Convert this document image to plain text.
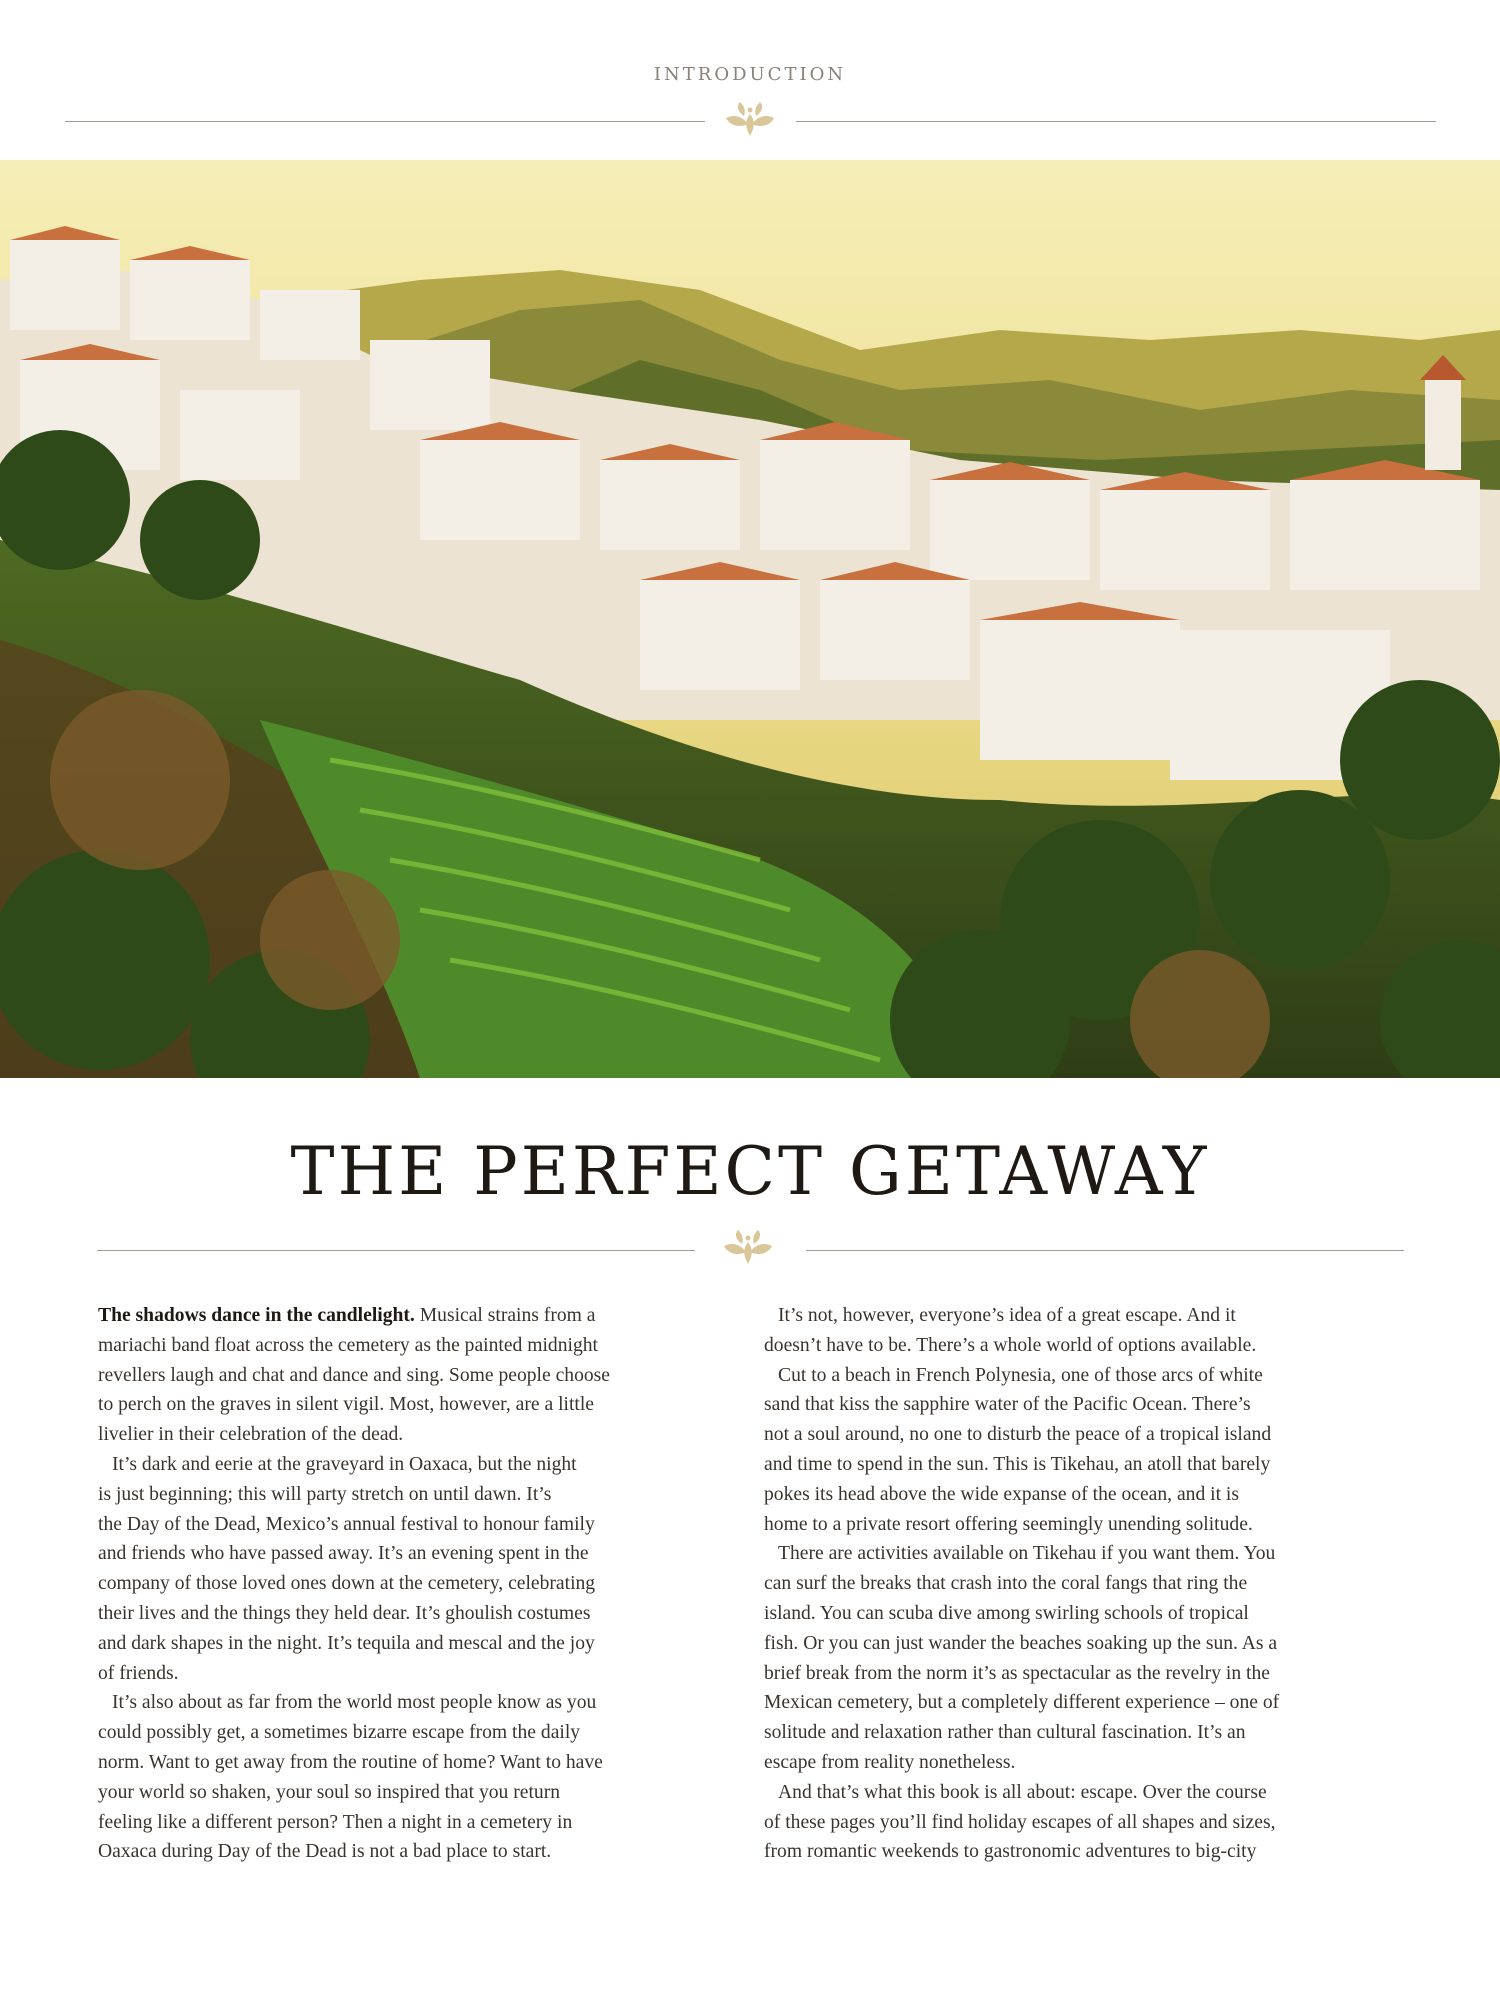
INTRODUCTION
THE PERFECT GETAWAY

The shadows dance in the candlelight. Musical strains from a
mariachi band float across the cemetery as the painted midnight
revellers laugh and chat and dance and sing. Some people choose
to perch on the graves in silent vigil. Most, however, are a little
livelier in their celebration of the dead.

It’s dark and eerie at the graveyard in Oaxaca, but the night
is just beginning; this will party stretch on until dawn. It’s
the Day of the Dead, Mexico’s annual festival to honour family
and friends who have passed away. It’s an evening spent in the
company of those loved ones down at the cemetery, celebrating
their lives and the things they held dear. It’s ghoulish costumes
and dark shapes in the night. It’s tequila and mescal and the joy
of friends.

It’s also about as far from the world most people know as you
could possibly get, a sometimes bizarre escape from the daily
norm. Want to get away from the routine of home? Want to have
your world so shaken, your soul so inspired that you return
feeling like a different person? Then a night in a cemetery in
Oaxaca during Day of the Dead is not a bad place to start.

It’s not, however, everyone’s idea of a great escape. And it
doesn’t have to be. There’s a whole world of options available.

Cut to a beach in French Polynesia, one of those arcs of white
sand that kiss the sapphire water of the Pacific Ocean. There’s
not a soul around, no one to disturb the peace of a tropical island
and time to spend in the sun. This is Tikehau, an atoll that barely
pokes its head above the wide expanse of the ocean, and it is
home to a private resort offering seemingly unending solitude.

There are activities available on Tikehau if you want them. You
can surf the breaks that crash into the coral fangs that ring the
island. You can scuba dive among swirling schools of tropical
fish. Or you can just wander the beaches soaking up the sun. As a
brief break from the norm it’s as spectacular as the revelry in the
Mexican cemetery, but a completely different experience – one of
solitude and relaxation rather than cultural fascination. It’s an
escape from reality nonetheless.

And that’s what this book is all about: escape. Over the course
of these pages you’ll find holiday escapes of all shapes and sizes,
from romantic weekends to gastronomic adventures to big-city
